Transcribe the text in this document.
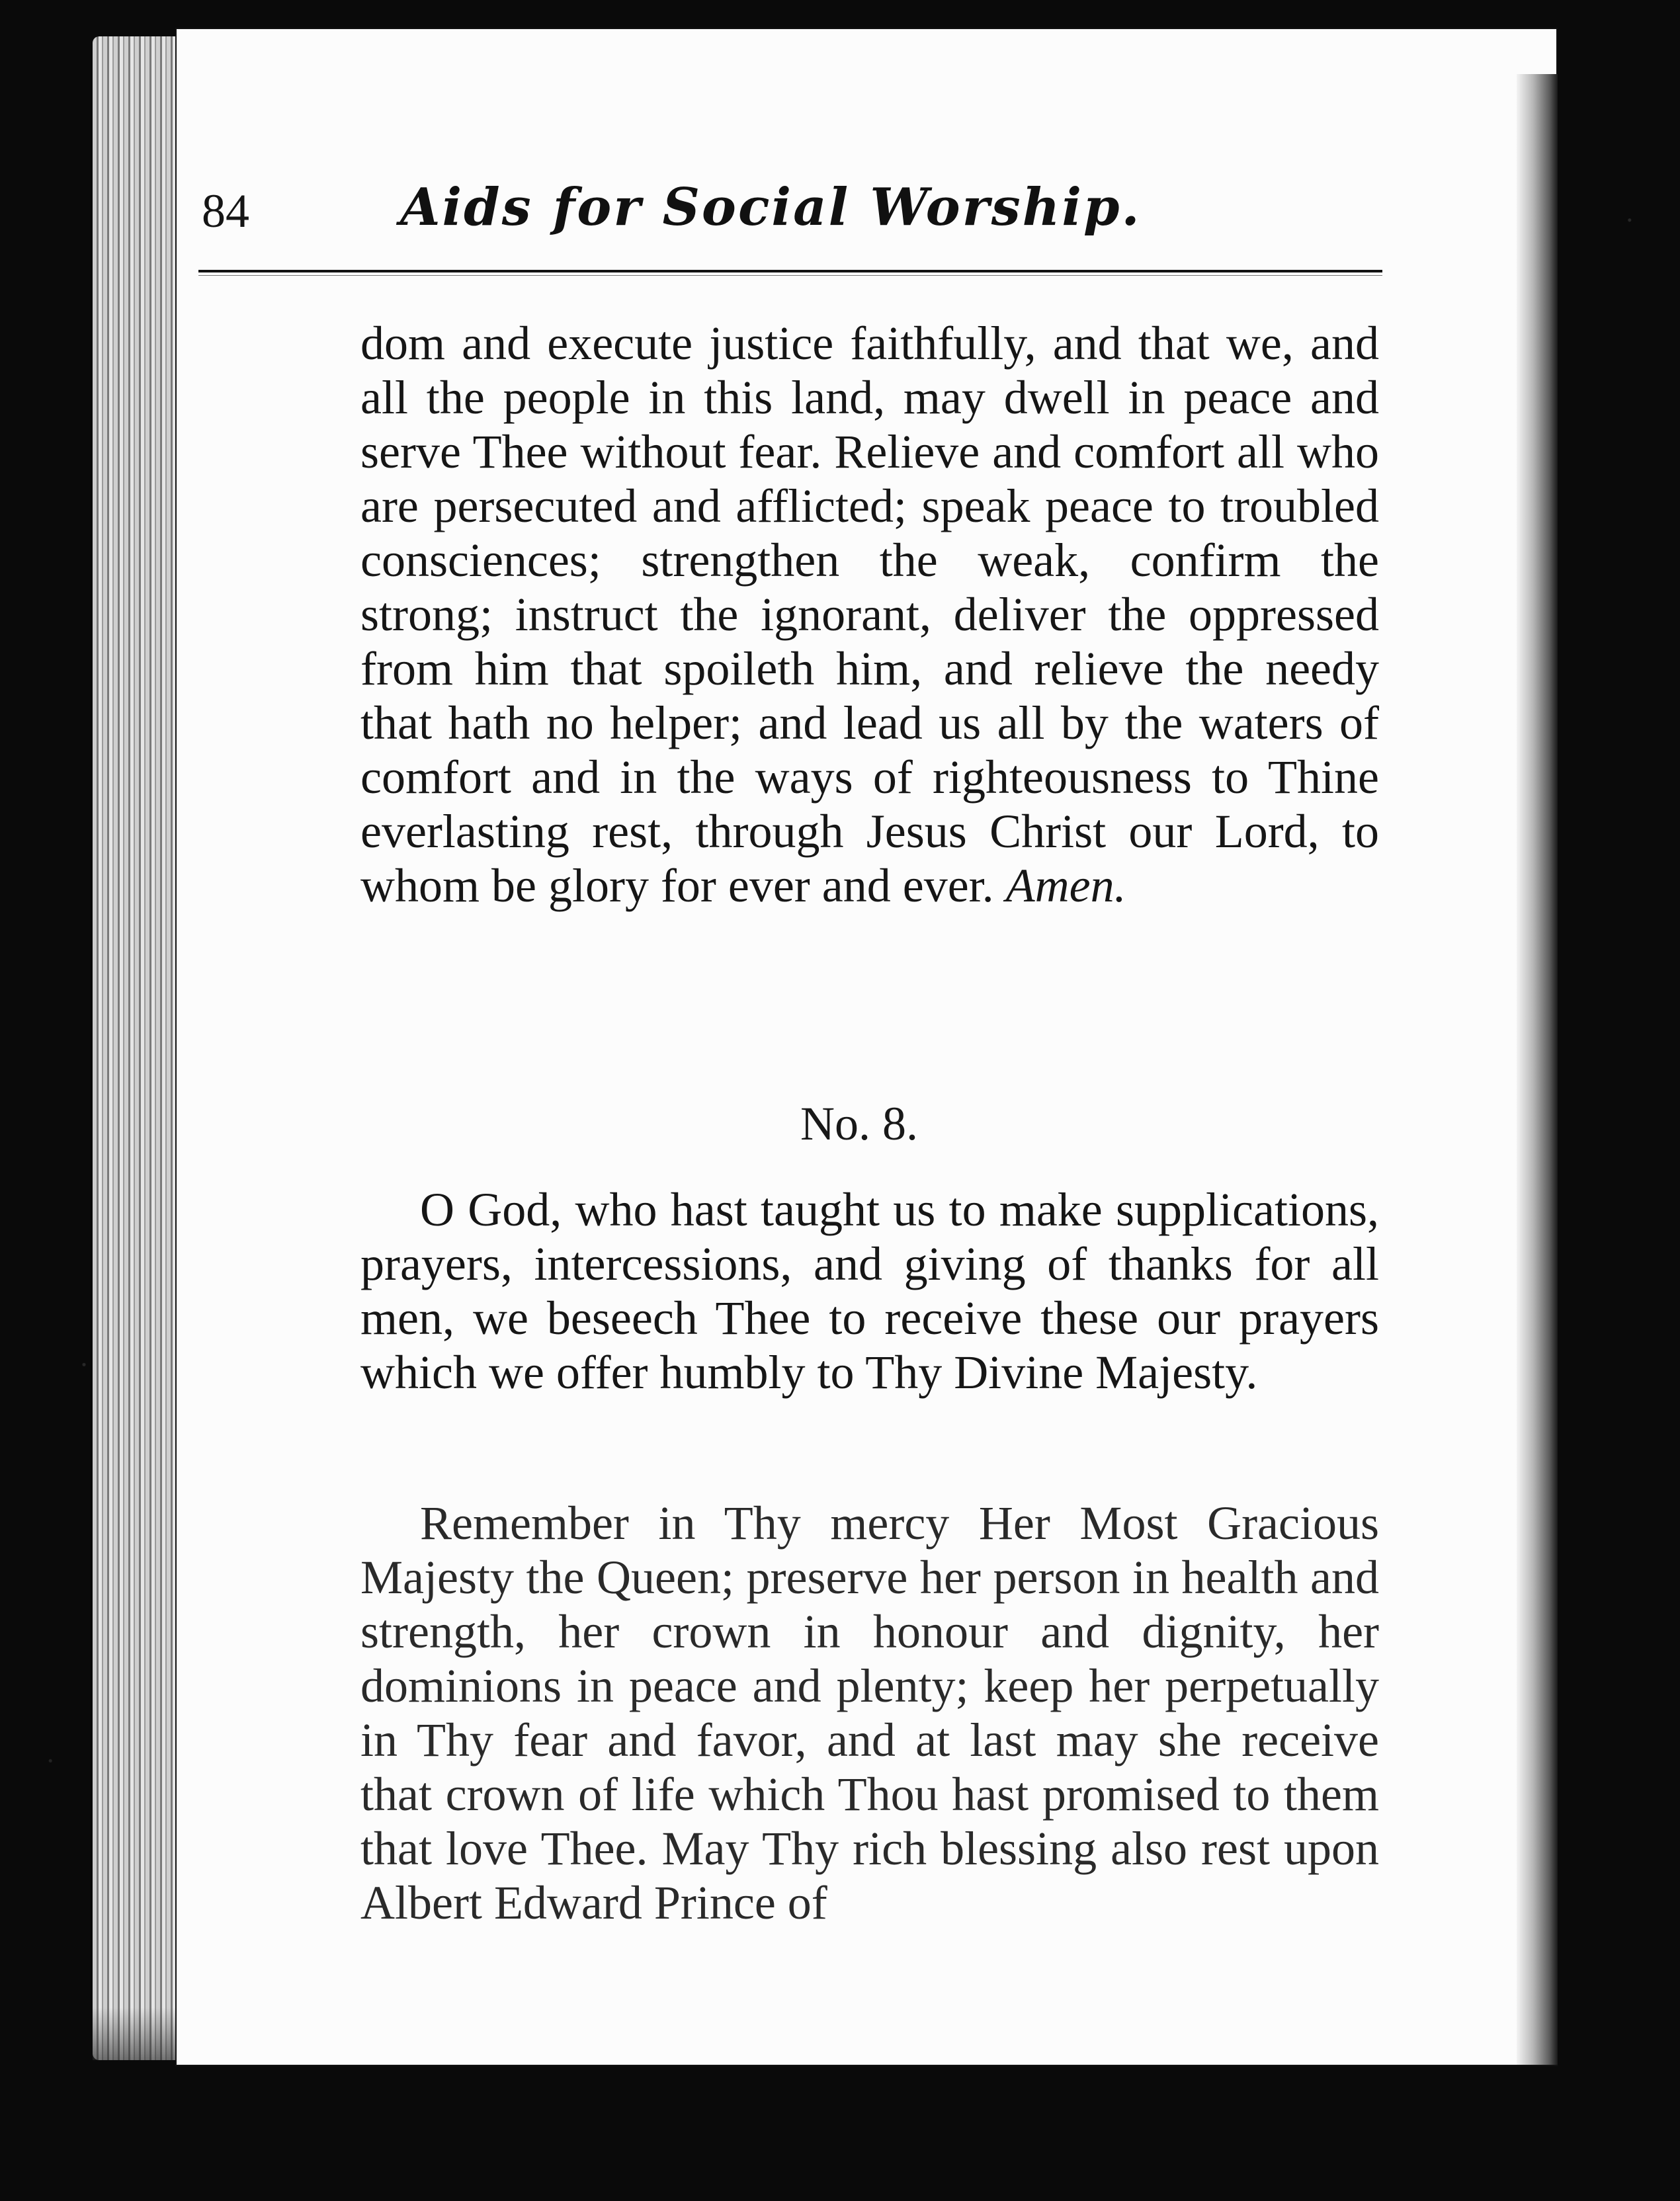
84	Aids for Social Worship.

dom and execute justice faithfully, and that we, and all the people in this land, may dwell in peace and serve Thee without fear. Relieve and comfort all who are persecuted and afflicted; speak peace to troubled consciences; strengthen the weak, confirm the strong; instruct the ignorant, deliver the oppressed from him that spoileth him, and relieve the needy that hath no helper; and lead us all by the waters of comfort and in the ways of righteousness to Thine everlasting rest, through Jesus Christ our Lord, to whom be glory for ever and ever. Amen.

No. 8.

O God, who hast taught us to make supplications, prayers, intercessions, and giving of thanks for all men, we beseech Thee to receive these our prayers which we offer humbly to Thy Divine Majesty.

Remember in Thy mercy Her Most Gracious Majesty the Queen; preserve her person in health and strength, her crown in honour and dignity, her dominions in peace and plenty; keep her perpetually in Thy fear and favor, and at last may she receive that crown of life which Thou hast promised to them that love Thee. May Thy rich blessing also rest upon Albert Edward Prince of
